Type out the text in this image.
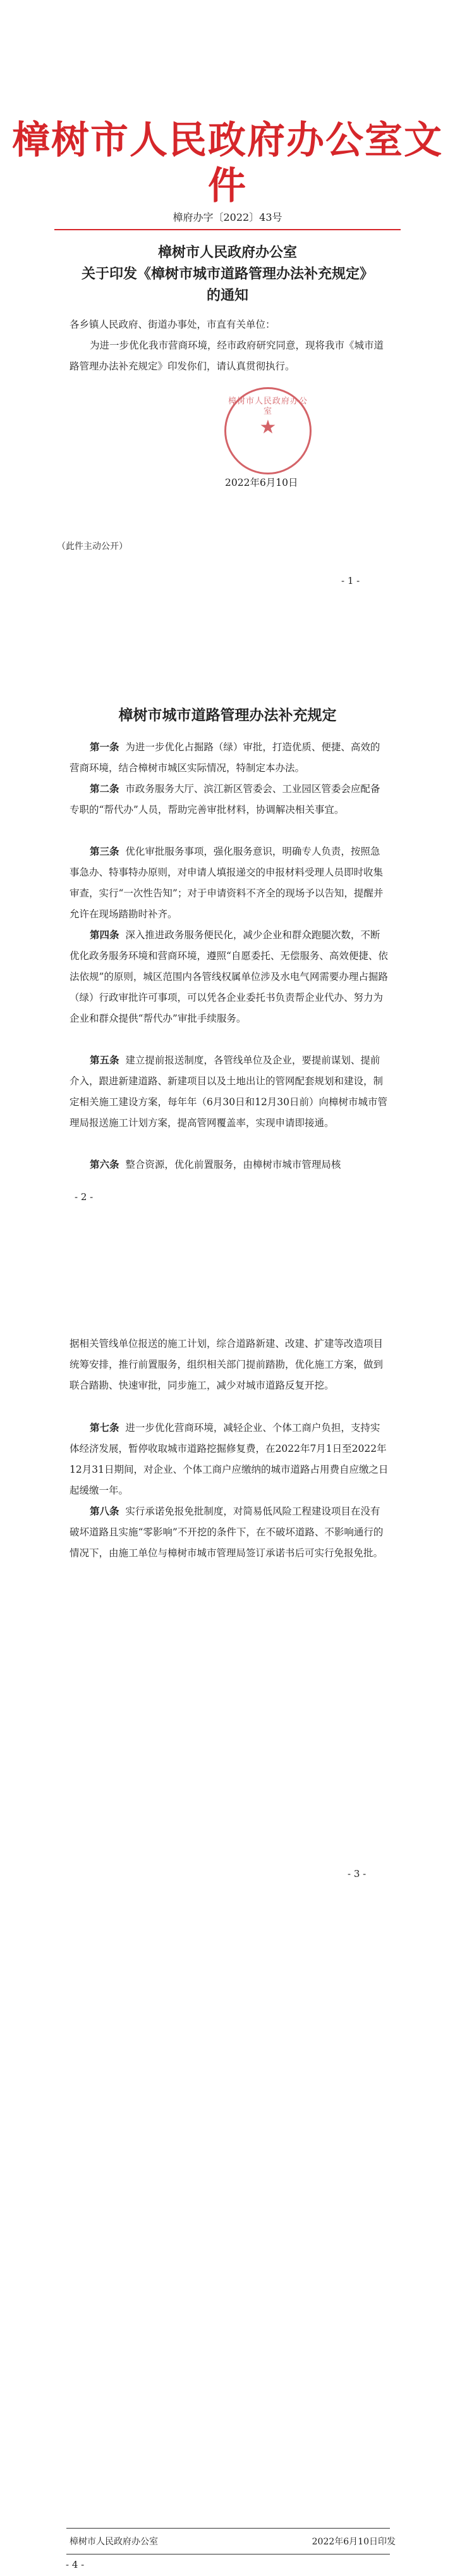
樟树市人民政府办公室文件
樟府办字〔2022〕43号
樟树市人民政府办公室
关于印发《樟树市城市道路管理办法补充规定》
的通知
各乡镇人民政府、街道办事处，市直有关单位：
为进一步优化我市营商环境，经市政府研究同意，现将我市《城市道路管理办法补充规定》印发你们，请认真贯彻执行。
樟树市人民政府办公室
★
2022年6月10日
（此件主动公开）
- 1 -
樟树市城市道路管理办法补充规定
第一条 为进一步优化占掘路（绿）审批，打造优质、便捷、高效的营商环境，结合樟树市城区实际情况，特制定本办法。
第二条 市政务服务大厅、滨江新区管委会、工业园区管委会应配备专职的“帮代办”人员，帮助完善审批材料，协调解决相关事宜。
第三条 优化审批服务事项，强化服务意识，明确专人负责，按照急事急办、特事特办原则，对申请人填报递交的申报材料受理人员即时收集审查，实行“一次性告知”；对于申请资料不齐全的现场予以告知，提醒并允许在现场踏勘时补齐。
第四条 深入推进政务服务便民化，减少企业和群众跑腿次数，不断优化政务服务环境和营商环境，遵照“自愿委托、无偿服务、高效便捷、依法依规”的原则，城区范围内各管线权属单位涉及水电气网需要办理占掘路（绿）行政审批许可事项，可以凭各企业委托书负责帮企业代办、努力为企业和群众提供“帮代办”审批手续服务。
第五条 建立提前报送制度，各管线单位及企业，要提前谋划、提前介入，跟进新建道路、新建项目以及土地出让的管网配套规划和建设，制定相关施工建设方案，每年年（6月30日和12月30日前）向樟树市城市管理局报送施工计划方案，提高管网覆盖率，实现申请即接通。
第六条 整合资源，优化前置服务，由樟树市城市管理局核
- 2 -
据相关管线单位报送的施工计划，综合道路新建、改建、扩建等改造项目统筹安排，推行前置服务，组织相关部门提前踏勘，优化施工方案，做到联合踏勘、快速审批，同步施工，减少对城市道路反复开挖。
第七条 进一步优化营商环境，减轻企业、个体工商户负担，支持实体经济发展，暂停收取城市道路挖掘修复费，在2022年7月1日至2022年12月31日期间，对企业、个体工商户应缴纳的城市道路占用费自应缴之日起缓缴一年。
第八条 实行承诺免报免批制度，对简易低风险工程建设项目在没有破坏道路且实施“零影响”不开挖的条件下，在不破坏道路、不影响通行的情况下，由施工单位与樟树市城市管理局签订承诺书后可实行免报免批。
- 3 -
樟树市人民政府办公室	2022年6月10日印发
- 4 -
